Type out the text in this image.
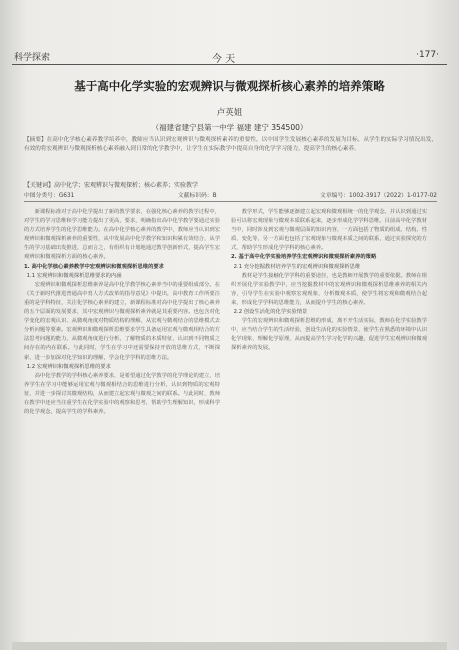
科学探索	今 天	·177·
基于高中化学实验的宏观辨识与微观探析核心素养的培养策略
卢英姐
（福建省建宁县第一中学 福建 建宁 354500）
【摘要】在高中化学核心素养教学培养中，教师应当认识到宏观辨识与微观探析素养的重要性，以中国学生发展核心素养的发展为目标，从学生的实际学习情况出发，有效的将宏观辨识与微观探析核心素养融入到日常的化学教学中，让学生在实际教学中提高自身的化学学习能力，提高学生的核心素养。
【关键词】高中化学；宏观辨识与微观探析；核心素养；实验教学
中图分类号：G631	文献标识码：B	文章编号：1002-3917（2022）1-0177-02

新课程标准对于高中化学提出了新的教学要求，在强化核心素养的教学过程中，对学生的学习思维和学习能力提出了更高，要求，明确指出高中化学教学要通过实验的方式培养学生的化学思维能力。在高中化学核心素养的教学中，教师应当认识到宏观辨识和微观探析素养的重要性，从中发展高中化学教学和知识积累有效结合，从学生的学习基础出发推进，总而言之，有组织有计划地通过教学创新形式，提高学生宏观辨识和微观探析方面的核心素养。

1. 高中化学核心素养教学中宏观辨识和微观探析思维的要求

1.1 宏观辨识和微观探析思维要求的内涵

宏观辨识和微观探析思维素养是高中化学教学核心素养当中的重要组成部分。在《关于新时代推进普通高中育人方式改革的指导意见》中提出，高中教育工作所要注重的是学科特征，关注化学核心素养的建立，新课程标准对高中化学提出了核心素养的五个层面的发展要求，其中宏观辨识与微观探析素养就是其重要内容。也包含对化学变化的宏观认识、从微观角度对物质结构的理解、从宏观与微观结合的思维模式去分析问题等要素。宏观辨识和微观探析思维要求学生具备运用宏观与微观相结合的方法思考问题的能力，从微观角度进行分析，了解物质的本质特征，认识到不同物质之间存在的内在联系。与此同时，学生在学习中还需要保持开放的思维方式，不断探索，进一步加深对化学知识的理解，学会化学学科的思维方法。

1.2 宏观辨识和微观探析思维的要求

高中化学教学的学科核心素养要求，是希望通过化学教学的化学理论的建立，培养学生在学习中能够运用宏观与微观相结合的思维进行分析，认识到物质的宏观特征，并进一步探讨其微观结构，从而建立起宏观与微观之间的联系。与此同时，教师在教学中还应当注重学生在化学实验中的观察和思考，帮助学生理解知识，形成科学的化学观念，提高学生的学科素养。

教学形式，学生能够逐渐建立起宏观和微观相统一的化学观念，并认识到通过实验可以将宏观现象与微观本质联系起来，逐步形成化学学科思维。目前高中化学教材当中，同时涉及到宏观与微观层面的知识内容，一方面包括了物质的组成、结构、性质、变化等，另一方面也包括了宏观现象与微观本质之间的联系，通过实验探究的方式，帮助学生形成化学学科的核心素养。

2. 基于高中化学实验培养学生宏观辨识和微观探析素养的策略

2.1 充分挖掘教材培养学生的宏观辨识和微观探析思维

教材是学生接触化学学科的重要途径，也是教师开展教学的重要依据。教师在组织开展化学实验教学中，应当挖掘教材中的宏观辨识和微观探析思维素养的相关内容，引导学生在实验中观察宏观现象，分析微观本质，使学生将宏观和微观结合起来，形成化学学科的思维能力，从而提升学生的核心素养。

2.2 创设生活化的化学实验情景

学生的宏观辨识和微观探析思维的形成，离不开生活实际，教师在化学实验教学中，应当结合学生的生活经验，创设生活化的实验情景，使学生在熟悉的环境中认识化学现象，理解化学原理，从而提高学生学习化学的兴趣，促进学生宏观辨识和微观探析素养的发展。
